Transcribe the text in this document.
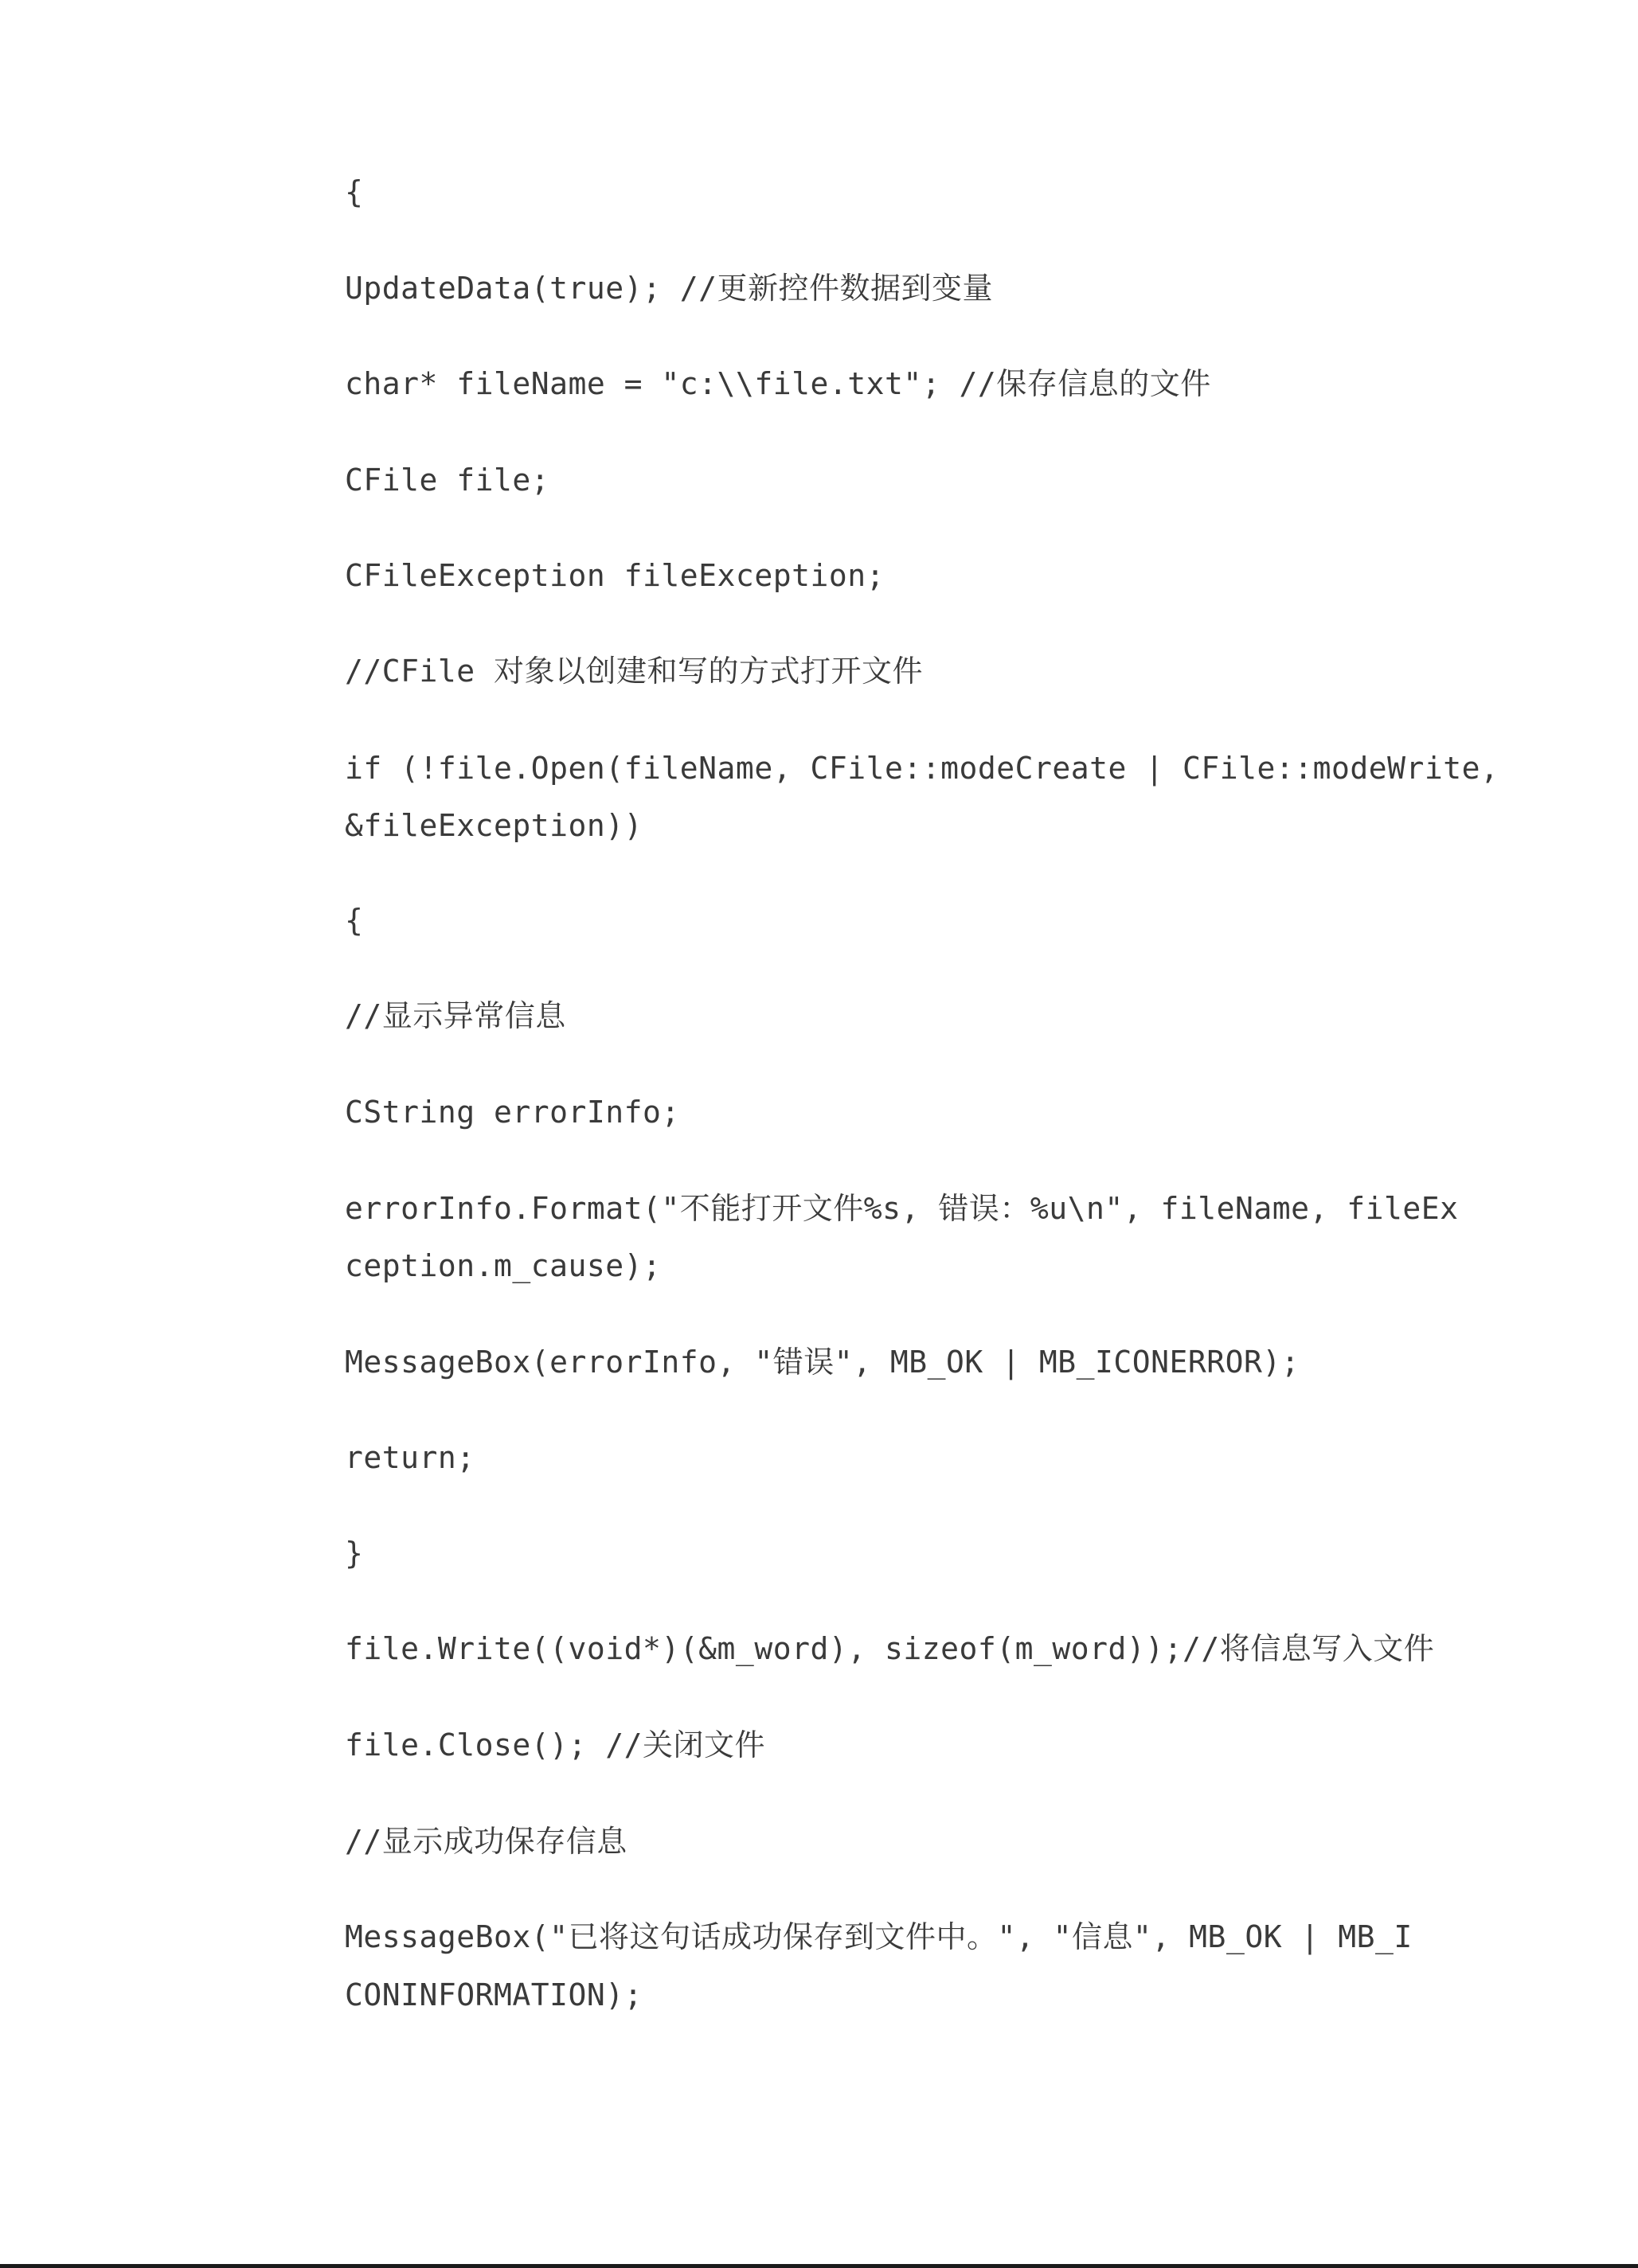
{
UpdateData(true); //更新控件数据到变量
char* fileName = "c:\\file.txt"; //保存信息的文件
CFile file;
CFileException fileException;
//CFile 对象以创建和写的方式打开文件
if (!file.Open(fileName, CFile::modeCreate | CFile::modeWrite,
&fileException))
{
//显示异常信息
CString errorInfo;
errorInfo.Format("不能打开文件%s, 错误：%u\n", fileName, fileEx
ception.m_cause);
MessageBox(errorInfo, "错误", MB_OK | MB_ICONERROR);
return;
}
file.Write((void*)(&m_word), sizeof(m_word));//将信息写入文件
file.Close(); //关闭文件
//显示成功保存信息
MessageBox("已将这句话成功保存到文件中。", "信息", MB_OK | MB_I
CONINFORMATION);
